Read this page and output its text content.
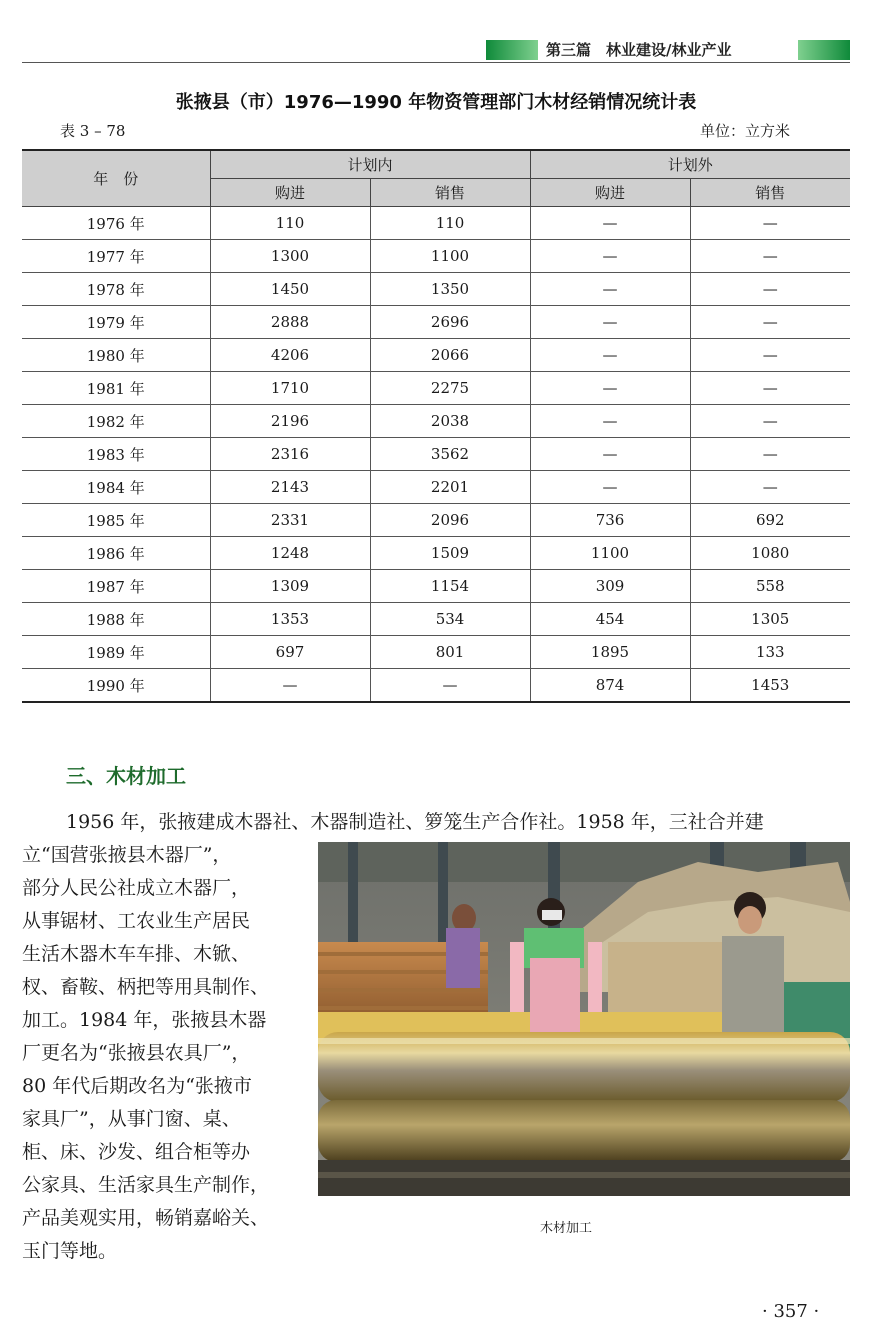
第三篇　林业建设/林业产业
张掖县（市）1976—1990 年物资管理部门木材经销情况统计表
表 3 – 78	单位：立方米
年　份	计划内		计划外	
	购进	销售	购进	销售
1976 年	110	110	—	—
1977 年	1300	1100	—	—
1978 年	1450	1350	—	—
1979 年	2888	2696	—	—
1980 年	4206	2066	—	—
1981 年	1710	2275	—	—
1982 年	2196	2038	—	—
1983 年	2316	3562	—	—
1984 年	2143	2201	—	—
1985 年	2331	2096	736	692
1986 年	1248	1509	1100	1080
1987 年	1309	1154	309	558
1988 年	1353	534	454	1305
1989 年	697	801	1895	133
1990 年	—	—	874	1453
三、木材加工
1956 年，张掖建成木器社、木器制造社、箩笼生产合作社。1958 年，三社合并建
立“国营张掖县木器厂”，
部分人民公社成立木器厂，
从事锯材、工农业生产居民
生活木器木车车排、木锨、
杈、畜鞍、柄把等用具制作、
加工。1984 年，张掖县木器
厂更名为“张掖县农具厂”，
80 年代后期改名为“张掖市
家具厂”，从事门窗、桌、
柜、床、沙发、组合柜等办
公家具、生活家具生产制作，
产品美观实用，畅销嘉峪关、
玉门等地。
木材加工
· 357 ·
